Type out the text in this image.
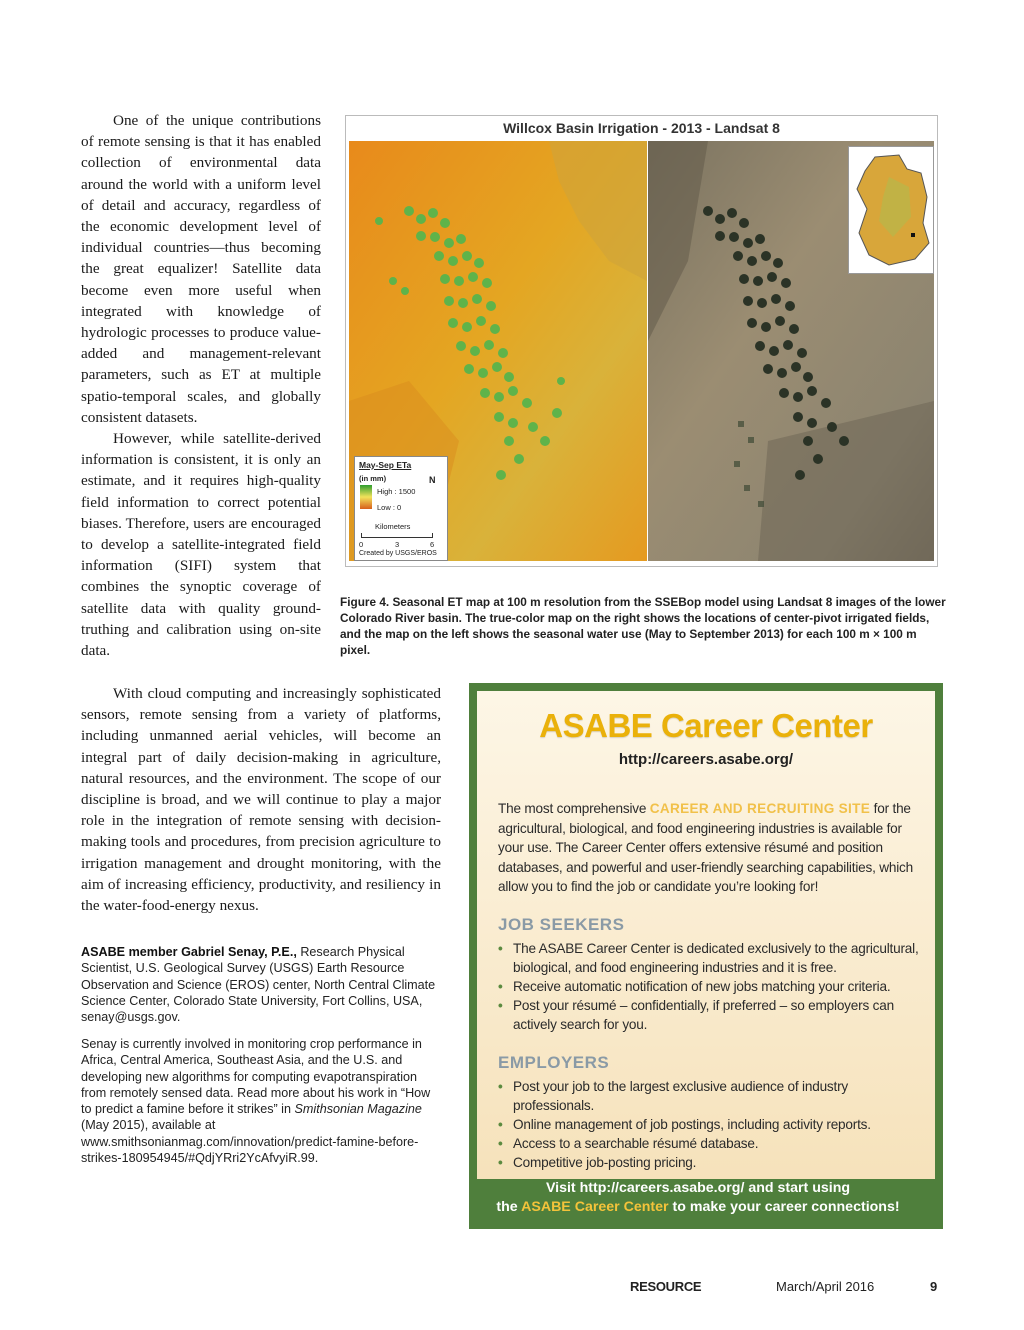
One of the unique contributions of remote sensing is that it has enabled collection of environmental data around the world with a uniform level of detail and accuracy, regardless of the economic development level of individual countries—thus becoming the great equalizer! Satellite data become even more useful when integrated with knowledge of hydrologic processes to produce value-added and management-relevant parameters, such as ET at multiple spatio-temporal scales, and globally consistent datasets.

However, while satellite-derived information is consistent, it is only an estimate, and it requires high-quality field information to correct potential biases. Therefore, users are encouraged to develop a satellite-integrated field information (SIFI) system that combines the synoptic coverage of satellite data with quality ground-truthing and calibration using on-site data.

With cloud computing and increasingly sophisticated sensors, remote sensing from a variety of platforms, including unmanned aerial vehicles, will become an integral part of daily decision-making in agriculture, natural resources, and the environment. The scope of our discipline is broad, and we will continue to play a major role in the integration of remote sensing with decision-making tools and procedures, from precision agriculture to irrigation management and drought monitoring, with the aim of increasing efficiency, productivity, and resiliency in the water-food-energy nexus.

ASABE member Gabriel Senay, P.E., Research Physical Scientist, U.S. Geological Survey (USGS) Earth Resource Observation and Science (EROS) center, North Central Climate Science Center, Colorado State University, Fort Collins, USA, senay@usgs.gov.
Senay is currently involved in monitoring crop performance in Africa, Central America, Southeast Asia, and the U.S. and developing new algorithms for computing evapotranspiration from remotely sensed data. Read more about his work in “How to predict a famine before it strikes” in Smithsonian Magazine (May 2015), available at www.smithsonianmag.com/innovation/predict-famine-before-strikes-180954945/#QdjYRri2YcAfvyiR.99.
Willcox Basin Irrigation - 2013 - Landsat 8
May-Sep ETa
(in mm)
High : 1500
Low : 0
N
Kilometers
0	3	6
Created by USGS/EROS
Figure 4. Seasonal ET map at 100 m resolution from the SSEBop model using Landsat 8 images of the lower Colorado River basin. The true-color map on the right shows the locations of center-pivot irrigated fields, and the map on the left shows the seasonal water use (May to September 2013) for each 100 m × 100 m pixel.
ASABE Career Center
http://careers.asabe.org/
The most comprehensive CAREER AND RECRUITING SITE for the agricultural, biological, and food engineering industries is available for your use. The Career Center offers extensive résumé and position databases, and powerful and user-friendly searching capabilities, which allow you to find the job or candidate you’re looking for!
JOB SEEKERS
• The ASABE Career Center is dedicated exclusively to the agricultural, biological, and food engineering industries and it is free.
• Receive automatic notification of new jobs matching your criteria.
• Post your résumé – confidentially, if preferred – so employers can actively search for you.
EMPLOYERS
• Post your job to the largest exclusive audience of industry professionals.
• Online management of job postings, including activity reports.
• Access to a searchable résumé database.
• Competitive job-posting pricing.
Visit http://careers.asabe.org/ and start using
the ASABE Career Center to make your career connections!
RESOURCE	March/April 2016	9
